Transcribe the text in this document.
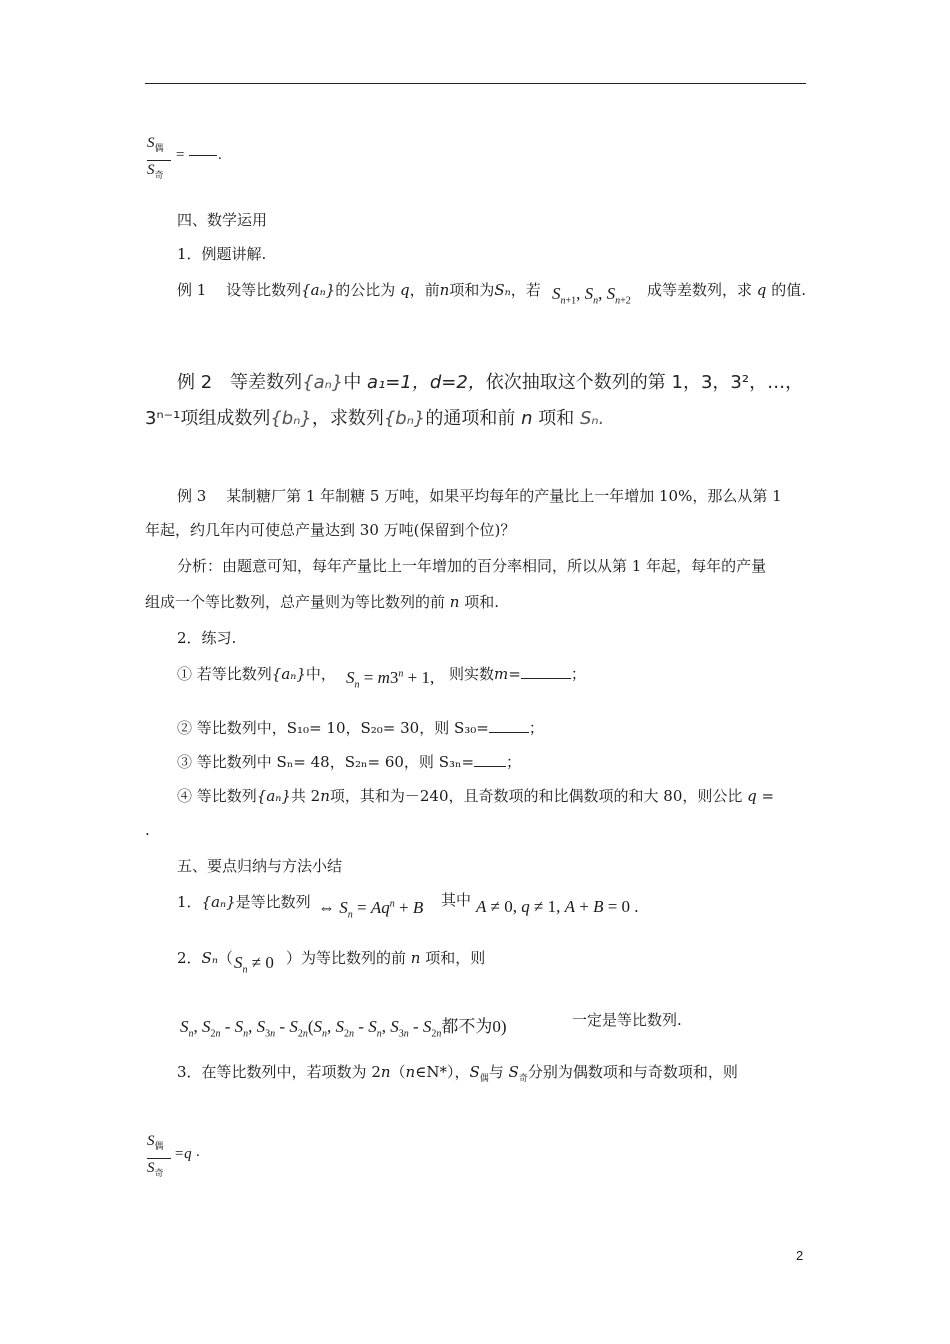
$S_偶$
$S_奇$
= .
四、数学运用
1．例题讲解.
例 1　 设等比数列{aₙ}的公比为 q，前n项和为Sₙ，若 $S_{n+1}$, $S_n$, $S_{n+2}$
成等差数列，求 q 的值.
例 2　等差数列{aₙ}中 a₁=1，d=2，依次抽取这个数列的第 1，3，3²，…，
3ⁿ⁻¹项组成数列{bₙ}，求数列{bₙ}的通项和前 n 项和 Sₙ.
例 3　 某制糖厂第 1 年制糖 5 万吨，如果平均每年的产量比上一年增加 10%，那么从第 1
年起，约几年内可使总产量达到 30 万吨(保留到个位)？
分析：由题意可知，每年产量比上一年增加的百分率相同，所以从第 1 年起，每年的产量
组成一个等比数列，总产量则为等比数列的前 n 项和.
2．练习.
① 若等比数列{aₙ}中， $S_n = m3^n + 1$, 则实数m=	；
② 等比数列中，S₁₀= 10，S₂₀= 30，则 S₃₀=	；
③ 等比数列中 Sₙ= 48，S₂ₙ= 60，则 S₃ₙ= ；
④ 等比数列{aₙ}共 2n项，其和为－240，且奇数项的和比偶数项的和大 80，则公比 q =
.
五、要点归纳与方法小结
1．{aₙ}是等比数列 ⇔ $S_n = Aq^n + B$ 其中 A ≠ 0, q ≠ 1, A + B = 0 .
2．Sₙ（ $S_n \ne 0$ ）为等比数列的前 n 项和，则
$S_n$, $S_{2n} - S_n$, $S_{3n} - S_{2n}(S_n$, $S_{2n} - S_n$, $S_{3n} - S_{2n}$都不为0)	一定是等比数列.
3．在等比数列中，若项数为 2n（n∈N*），$S_偶$与 $S_奇$分别为偶数项和与奇数项和，则
$S_偶$
$S_奇$
=q .
2
